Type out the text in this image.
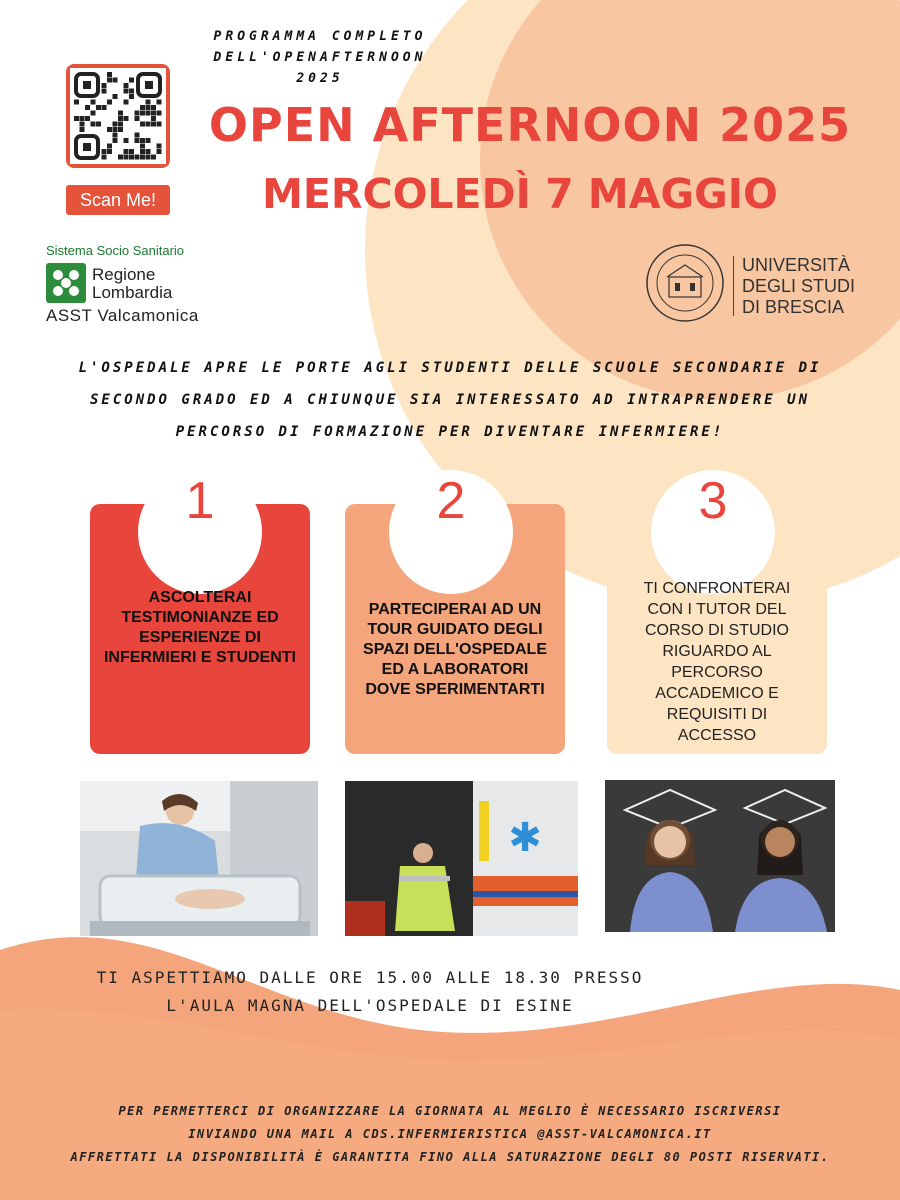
PROGRAMMA COMPLETO
DELL'OPENAFTERNOON
2025
Scan Me!
OPEN AFTERNOON 2025
MERCOLEDÌ 7 MAGGIO
Sistema Socio Sanitario
Regione
Lombardia
ASST Valcamonica
UNIVERSITÀ
DEGLI STUDI
DI BRESCIA
L'OSPEDALE APRE LE PORTE AGLI STUDENTI DELLE SCUOLE SECONDARIE DI
SECONDO GRADO ED A CHIUNQUE SIA INTERESSATO AD INTRAPRENDERE UN
PERCORSO DI FORMAZIONE PER DIVENTARE INFERMIERE!
1	2	3
ASCOLTERAI
TESTIMONIANZE ED
ESPERIENZE DI
INFERMIERI E STUDENTI
PARTECIPERAI AD UN
TOUR GUIDATO DEGLI
SPAZI DELL'OSPEDALE
ED A LABORATORI
DOVE SPERIMENTARTI
TI CONFRONTERAI
CON I TUTOR DEL
CORSO DI STUDIO
RIGUARDO AL
PERCORSO
ACCADEMICO E
REQUISITI DI
ACCESSO
✱
TI ASPETTIAMO DALLE ORE 15.00 ALLE 18.30 PRESSO
L'AULA MAGNA DELL'OSPEDALE DI ESINE
PER PERMETTERCI DI ORGANIZZARE LA GIORNATA AL MEGLIO È NECESSARIO ISCRIVERSI
INVIANDO UNA MAIL A CDS.INFERMIERISTICA @ASST-VALCAMONICA.IT
AFFRETTATI LA DISPONIBILITÀ È GARANTITA FINO ALLA SATURAZIONE DEGLI 80 POSTI RISERVATI.
